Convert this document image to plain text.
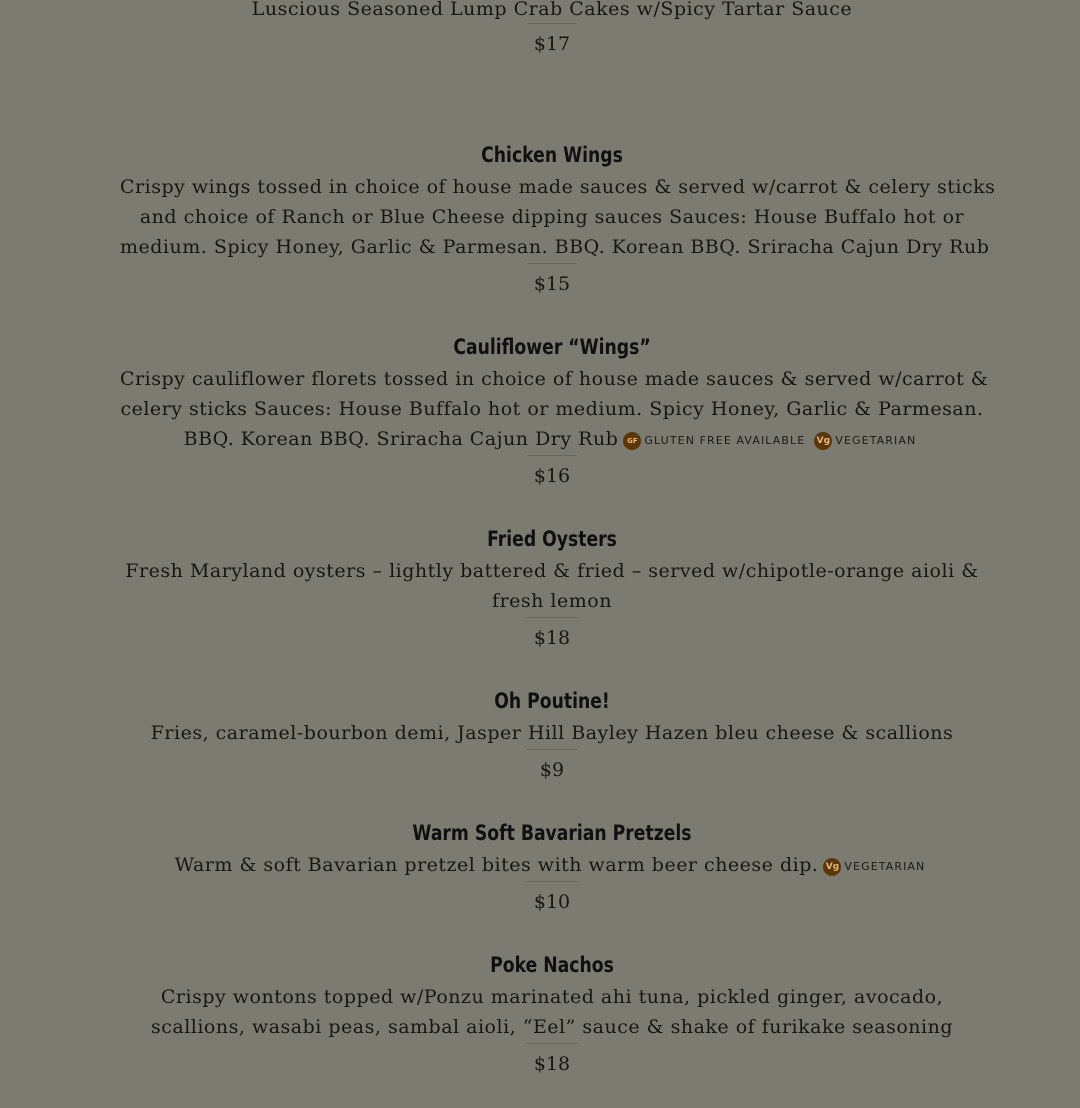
Luscious Seasoned Lump Crab Cakes w/Spicy Tartar Sauce
$17
Chicken Wings
Crispy wings tossed in choice of house made sauces & served w/carrot & celery sticks
and choice of Ranch or Blue Cheese dipping sauces Sauces: House Buffalo hot or
medium. Spicy Honey, Garlic & Parmesan. BBQ. Korean BBQ. Sriracha Cajun Dry Rub
$15
Cauliflower “Wings”
Crispy cauliflower florets tossed in choice of house made sauces & served w/carrot &
celery sticks Sauces: House Buffalo hot or medium. Spicy Honey, Garlic & Parmesan.
BBQ. Korean BBQ. Sriracha Cajun Dry Rub	GF GLUTEN FREE AVAILABLE Vg VEGETARIAN
$16
Fried Oysters
Fresh Maryland oysters – lightly battered & fried – served w/chipotle-orange aioli &
fresh lemon
$18
Oh Poutine!
Fries, caramel-bourbon demi, Jasper Hill Bayley Hazen bleu cheese & scallions
$9
Warm Soft Bavarian Pretzels
Warm & soft Bavarian pretzel bites with warm beer cheese dip. Vg VEGETARIAN
$10
Poke Nachos
Crispy wontons topped w/Ponzu marinated ahi tuna, pickled ginger, avocado,
scallions, wasabi peas, sambal aioli, “Eel” sauce & shake of furikake seasoning
$18
